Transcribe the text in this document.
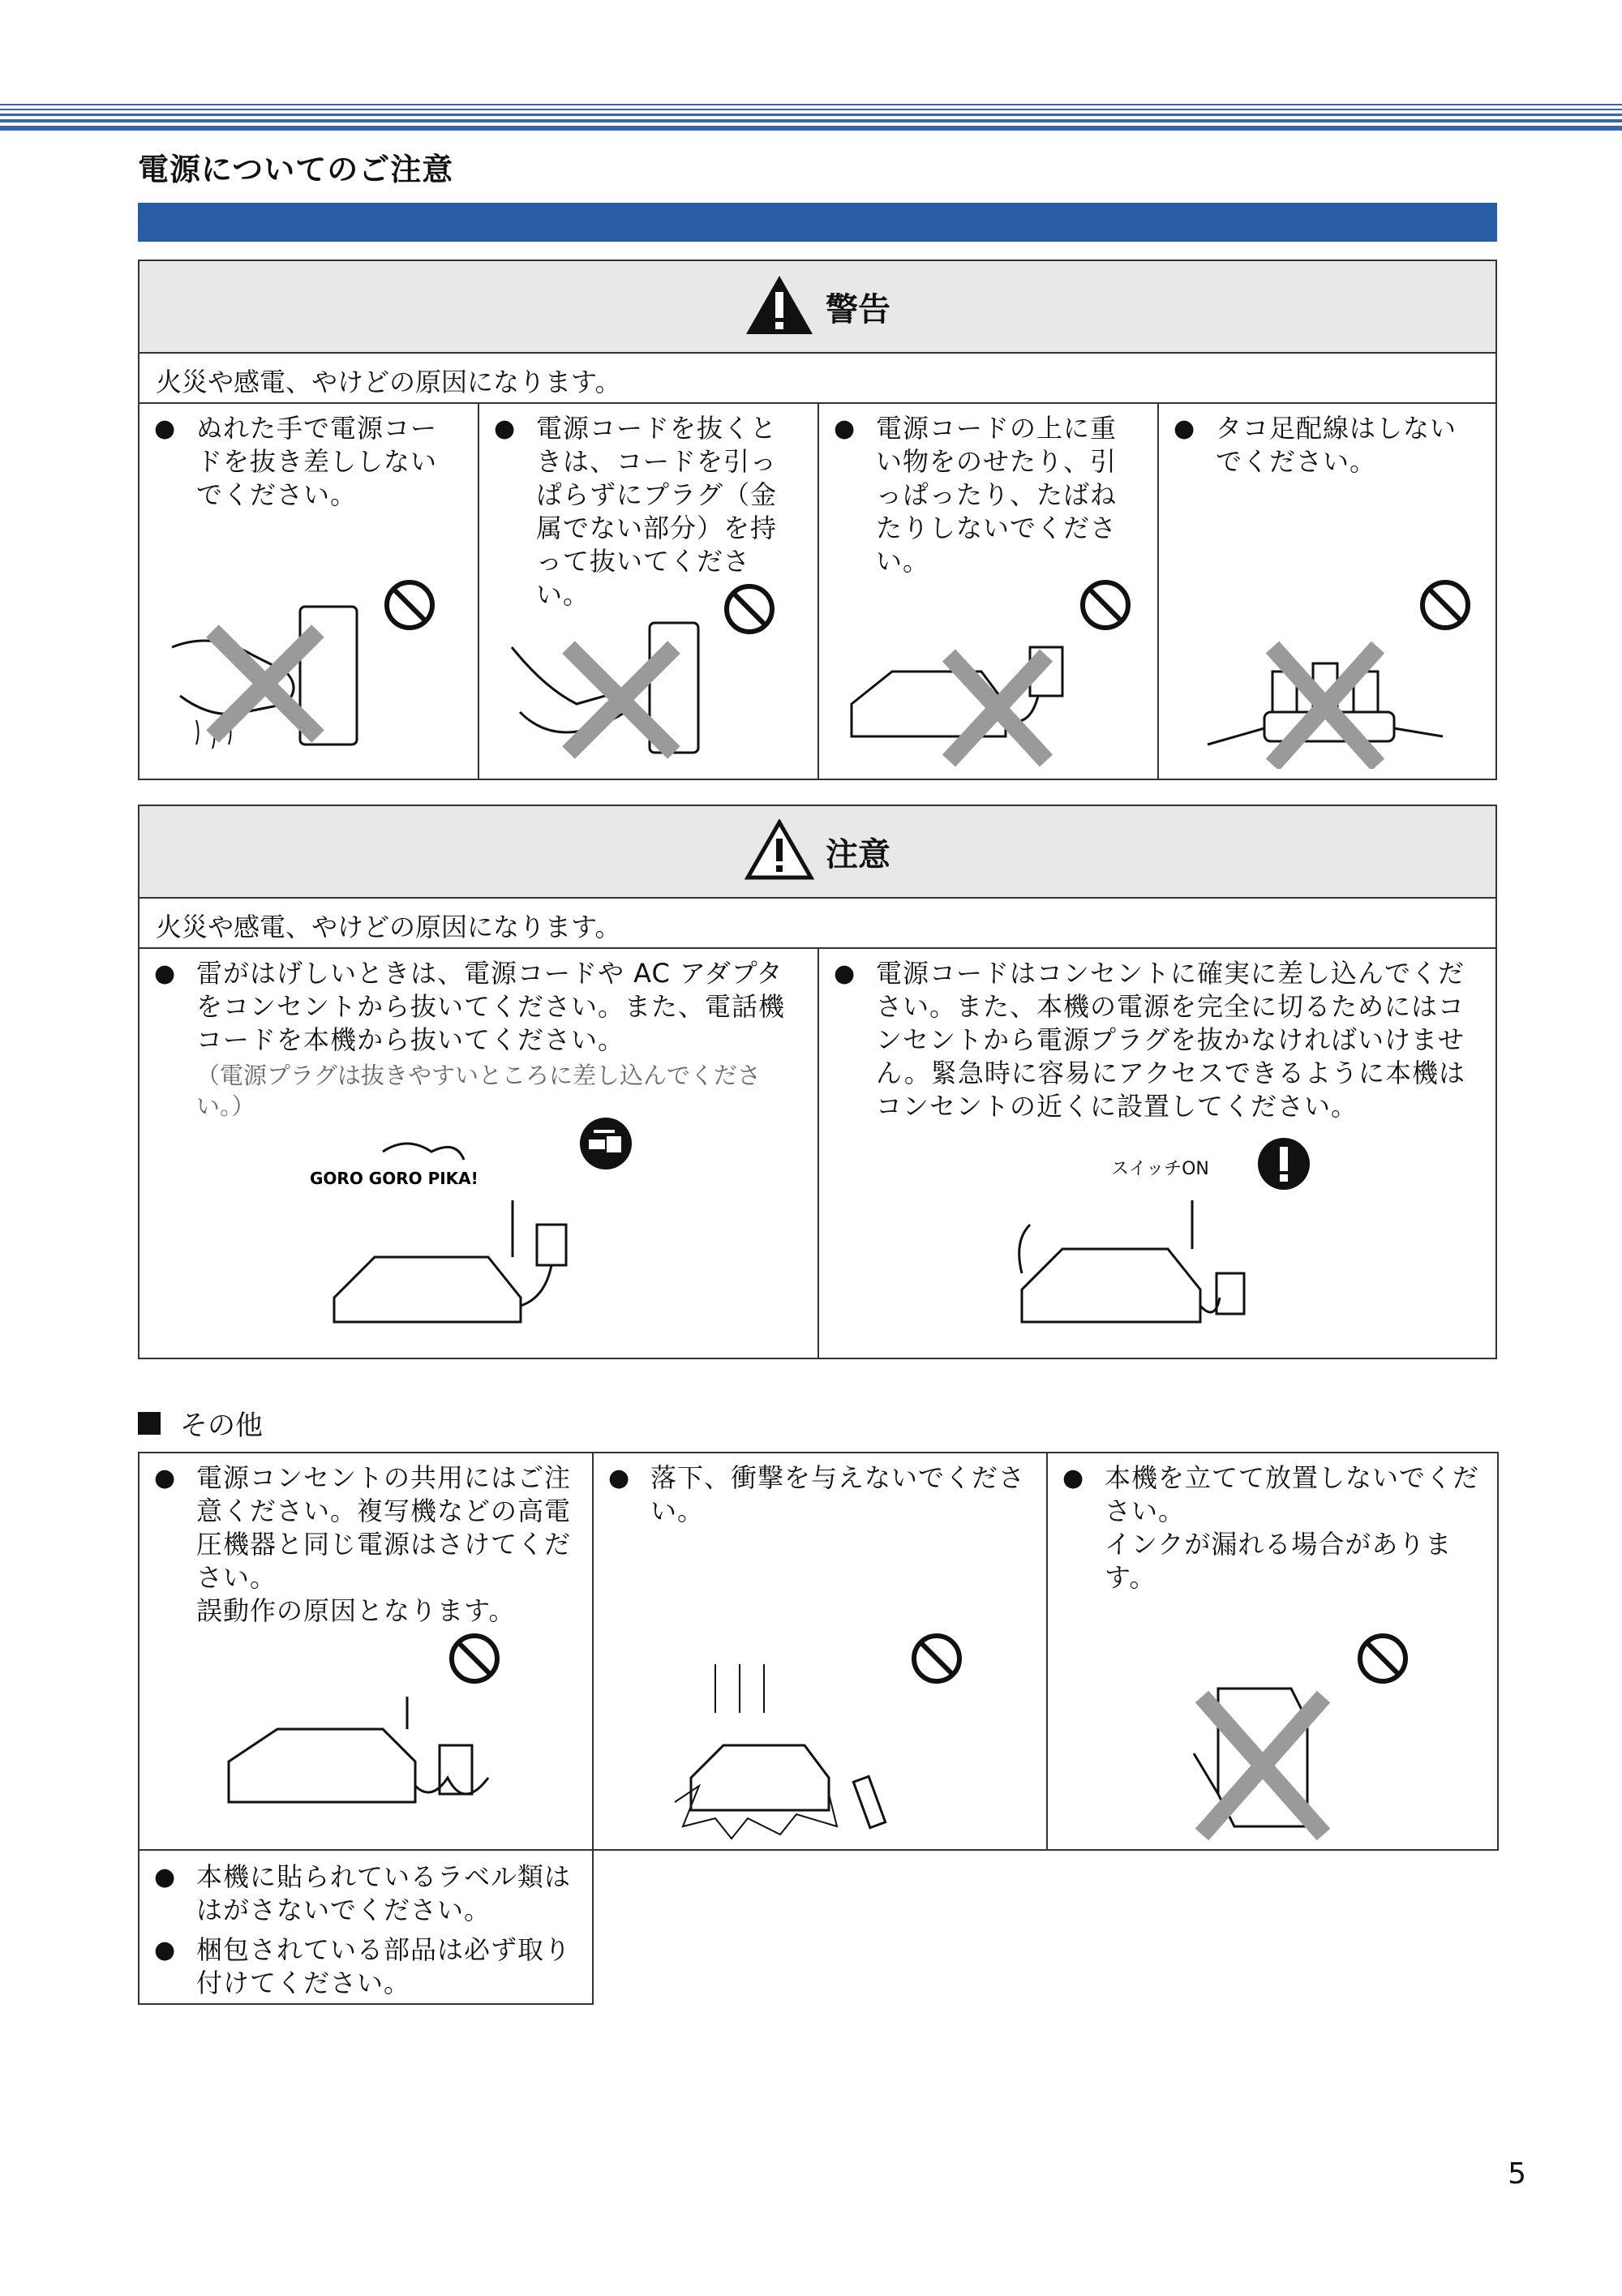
電源についてのご注意
警告
火災や感電、やけどの原因になります。
● ぬれた手で電源コードを抜き差ししないでください。
● 電源コードを抜くときは、コードを引っぱらずにプラグ（金属でない部分）を持って抜いてください。
● 電源コードの上に重い物をのせたり、引っぱったり、たばねたりしないでください。
● タコ足配線はしないでください。
注意
火災や感電、やけどの原因になります。
● 雷がはげしいときは、電源コードや AC アダプタをコンセントから抜いてください。また、電話機コードを本機から抜いてください。
（電源プラグは抜きやすいところに差し込んでください。）
GORO GORO PIKA!
● 電源コードはコンセントに確実に差し込んでください。また、本機の電源を完全に切るためにはコンセントから電源プラグを抜かなければいけません。緊急時に容易にアクセスできるように本機はコンセントの近くに設置してください。
スイッチON
その他
● 電源コンセントの共用にはご注意ください。複写機などの高電圧機器と同じ電源はさけてください。
誤動作の原因となります。
● 落下、衝撃を与えないでください。
● 本機を立てて放置しないでください。
インクが漏れる場合があります。
● 本機に貼られているラベル類ははがさないでください。
● 梱包されている部品は必ず取り付けてください。
5
